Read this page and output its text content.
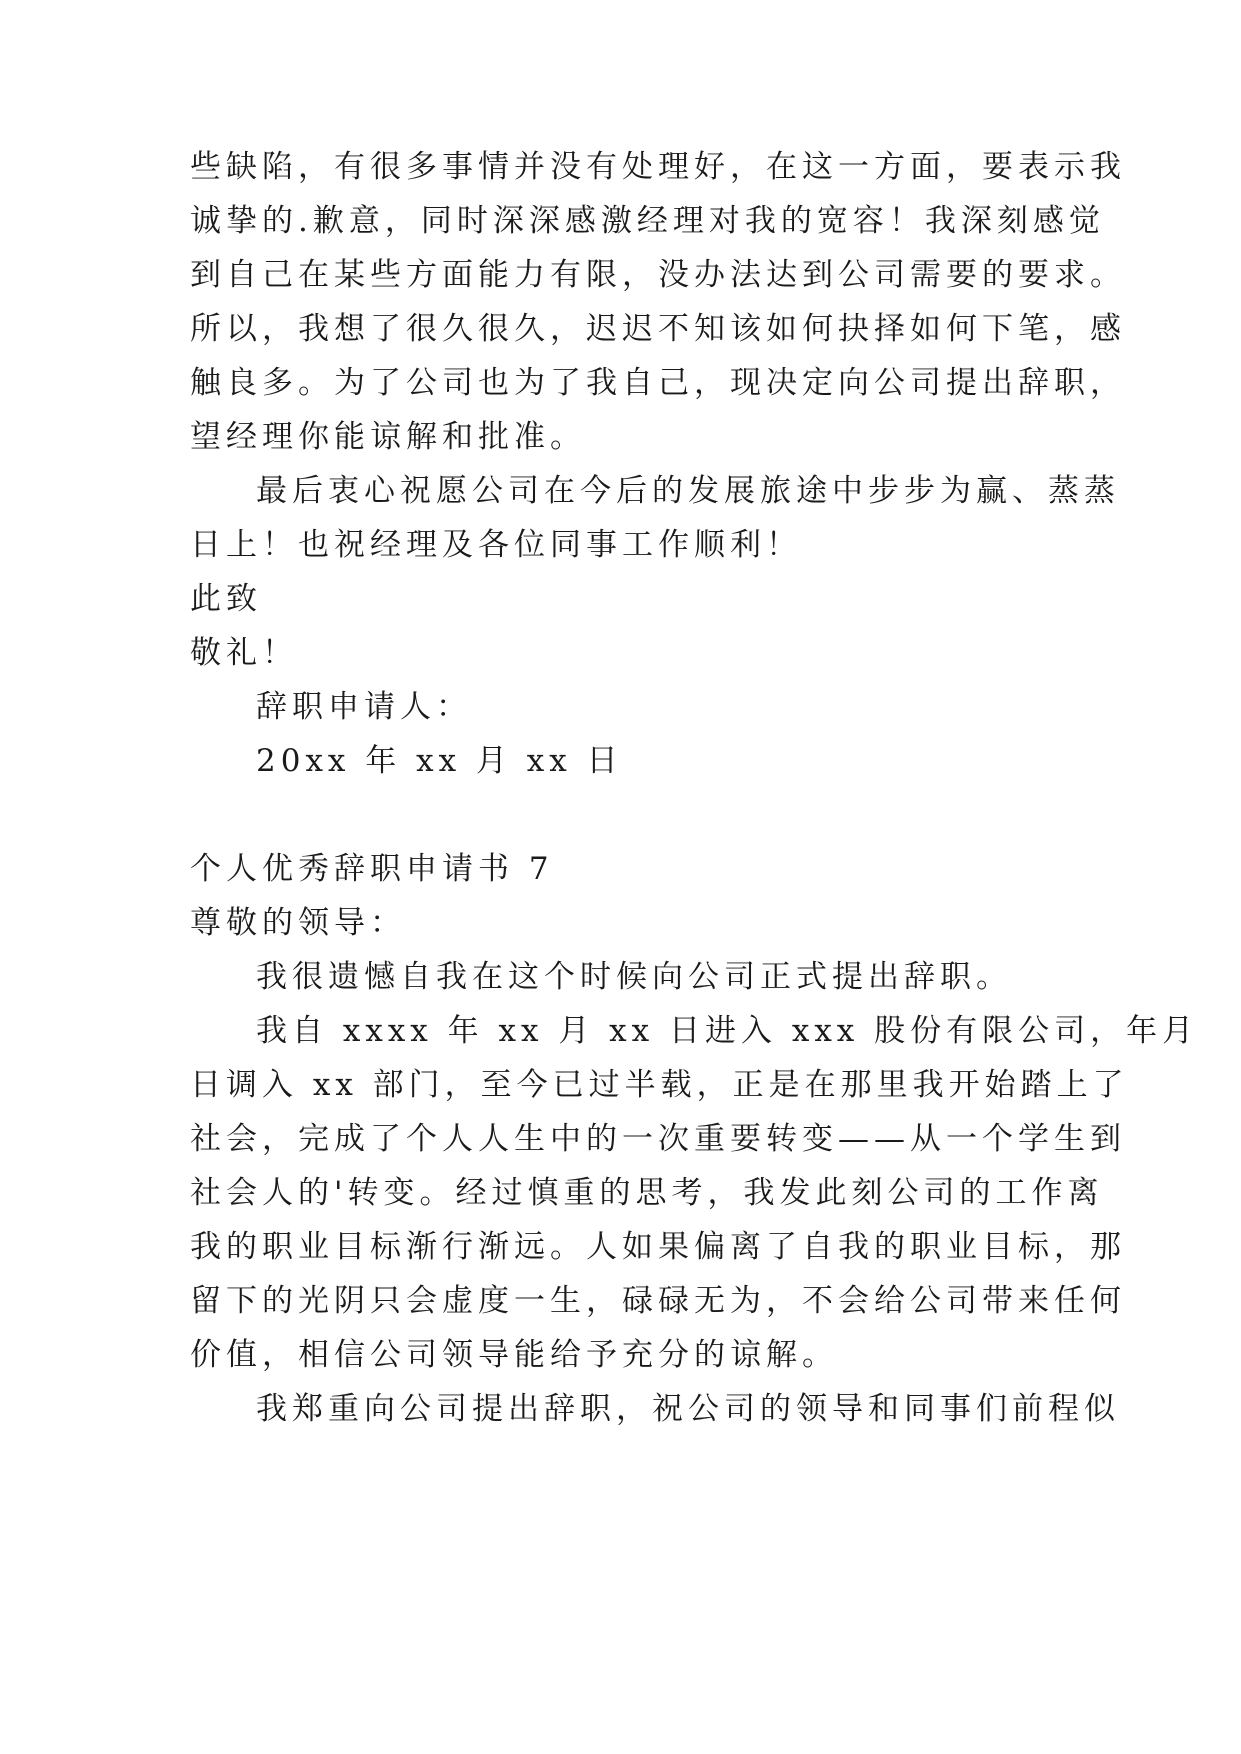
些缺陷，有很多事情并没有处理好，在这一方面，要表示我
诚挚的.歉意，同时深深感激经理对我的宽容！我深刻感觉
到自己在某些方面能力有限，没办法达到公司需要的要求。
所以，我想了很久很久，迟迟不知该如何抉择如何下笔，感
触良多。为了公司也为了我自己，现决定向公司提出辞职，
望经理你能谅解和批准。
最后衷心祝愿公司在今后的发展旅途中步步为赢、蒸蒸
日上！也祝经理及各位同事工作顺利！
此致
敬礼！
辞职申请人：
20xx 年 xx 月 xx 日
个人优秀辞职申请书 7
尊敬的领导：
我很遗憾自我在这个时候向公司正式提出辞职。
我自 xxxx 年 xx 月 xx 日进入 xxx 股份有限公司，年月
日调入 xx 部门，至今已过半载，正是在那里我开始踏上了
社会，完成了个人人生中的一次重要转变——从一个学生到
社会人的'转变。经过慎重的思考，我发此刻公司的工作离
我的职业目标渐行渐远。人如果偏离了自我的职业目标，那
留下的光阴只会虚度一生，碌碌无为，不会给公司带来任何
价值，相信公司领导能给予充分的谅解。
我郑重向公司提出辞职，祝公司的领导和同事们前程似
